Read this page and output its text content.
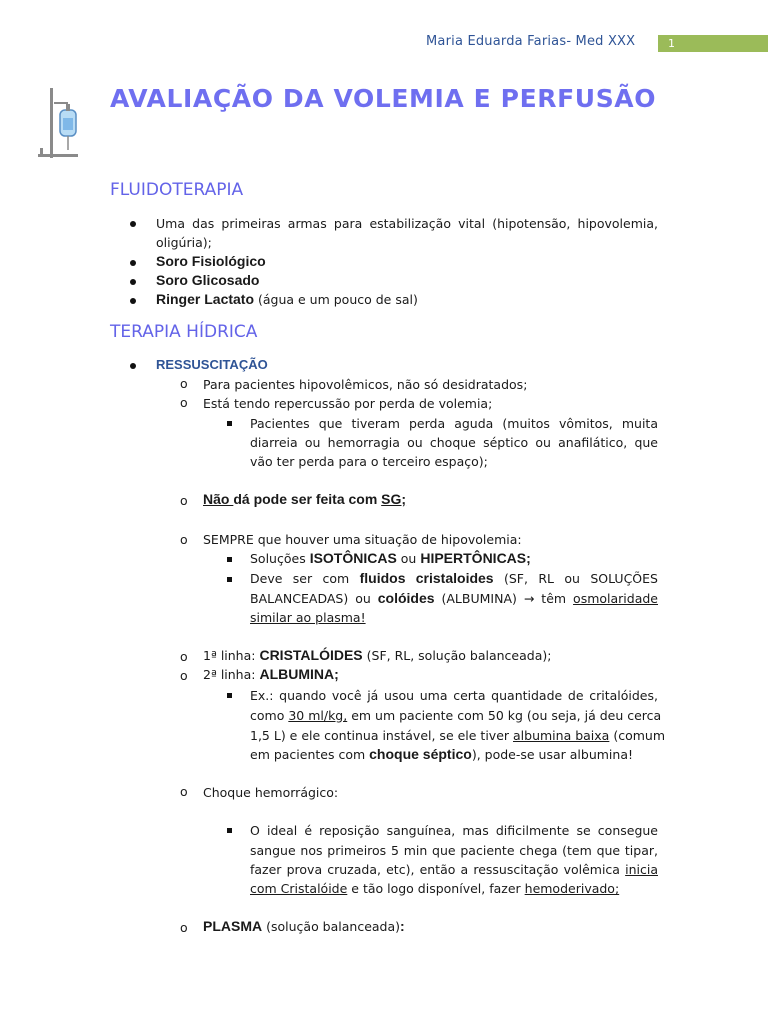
Maria Eduarda Farias- Med XXX	1
AVALIAÇÃO DA VOLEMIA E PERFUSÃO
FLUIDOTERAPIA
Uma das primeiras armas para estabilização vital (hipotensão, hipovolemia,
oligúria);
Soro Fisiológico
Soro Glicosado
Ringer Lactato (água e um pouco de sal)
TERAPIA HÍDRICA
RESSUSCITAÇÃO
o Para pacientes hipovolêmicos, não só desidratados;
o Está tendo repercussão por perda de volemia;
Pacientes que tiveram perda aguda (muitos vômitos, muita
diarreia ou hemorragia ou choque séptico ou anafilático, que
vão ter perda para o terceiro espaço);
o Não dá pode ser feita com SG;
o SEMPRE que houver uma situação de hipovolemia:
Soluções ISOTÔNICAS ou HIPERTÔNICAS;
Deve ser com fluidos cristaloides (SF, RL ou SOLUÇÕES
BALANCEADAS) ou colóides (ALBUMINA) → têm osmolaridade
similar ao plasma!
o 1ª linha: CRISTALÓIDES (SF, RL, solução balanceada);
o 2ª linha: ALBUMINA;
Ex.: quando você já usou uma certa quantidade de critalóides,
como 30 ml/kg, em um paciente com 50 kg (ou seja, já deu cerca
1,5 L) e ele continua instável, se ele tiver albumina baixa (comum
em pacientes com choque séptico), pode-se usar albumina!
o Choque hemorrágico:
O ideal é reposição sanguínea, mas dificilmente se consegue
sangue nos primeiros 5 min que paciente chega (tem que tipar,
fazer prova cruzada, etc), então a ressuscitação volêmica inicia
com Cristalóide e tão logo disponível, fazer hemoderivado;
o PLASMA (solução balanceada):
